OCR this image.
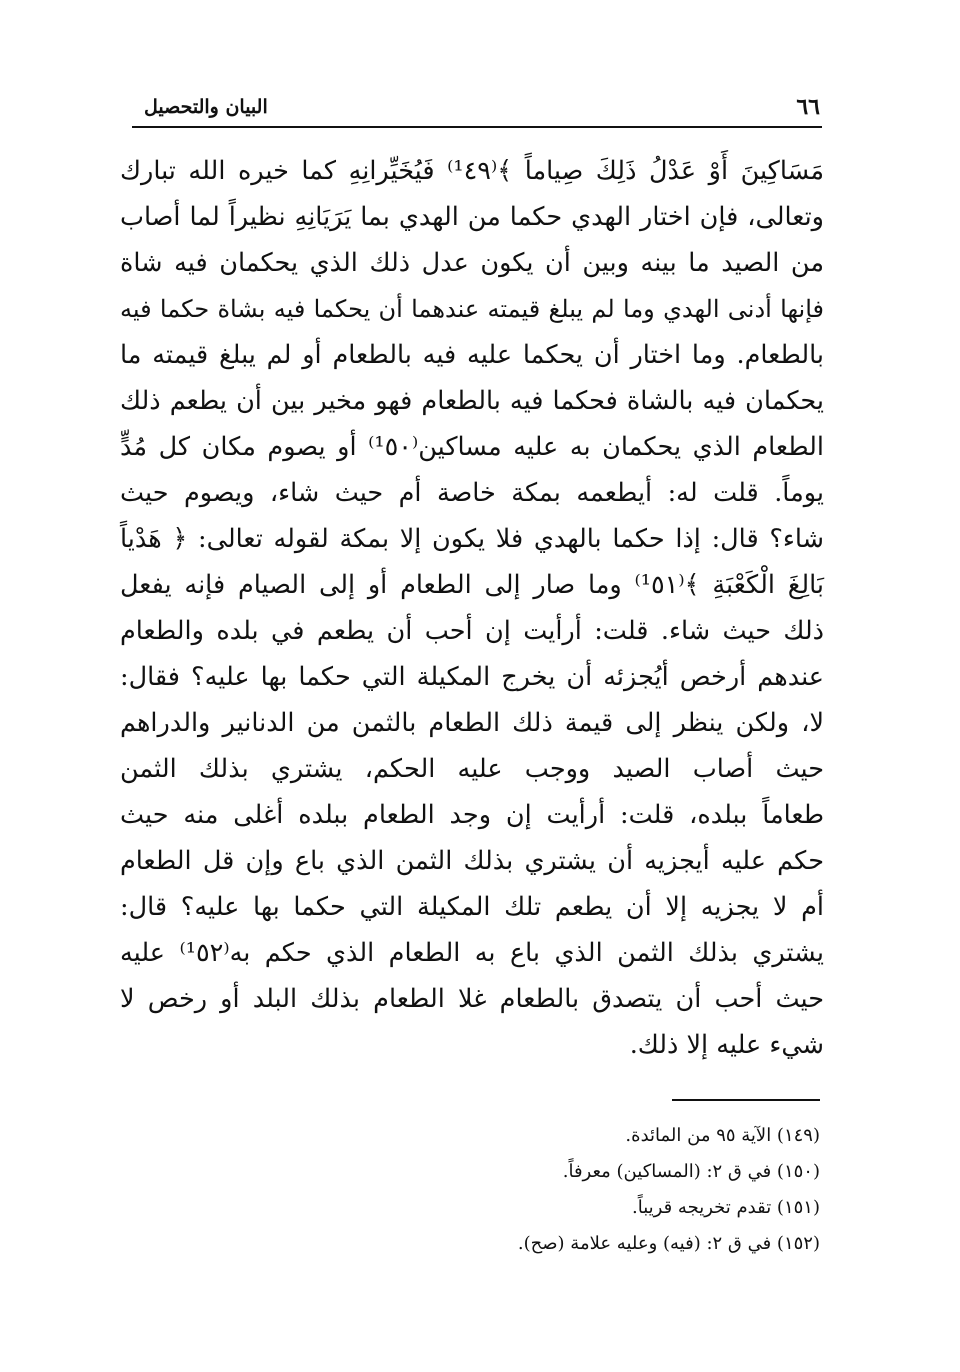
٦٦
البيان والتحصيل
مَسَاكِينَ أَوْ عَدْلُ ذَلِكَ صِياماً ﴾⁽¹٤٩⁾ فَيُخَيِّرانِهِ كما خيره الله تبارك
وتعالى، فإن اختار الهدي حكما من الهدي بما يَرَيَانِهِ نظيراً لما أصاب
من الصيد ما بينه وبين أن يكون عدل ذلك الذي يحكمان فيه شاة
فإنها أدنى الهدي وما لم يبلغ قيمته عندهما أن يحكما فيه بشاة حكما فيه
بالطعام. وما اختار أن يحكما عليه فيه بالطعام أو لم يبلغ قيمته ما
يحكمان فيه بالشاة فحكما فيه بالطعام فهو مخير بين أن يطعم ذلك
الطعام الذي يحكمان به عليه مساكين⁽¹٥٠⁾ أو يصوم مكان كل مُدٍّ
يوماً. قلت له: أيطعمه بمكة خاصة أم حيث شاء، ويصوم حيث
شاء؟ قال: إذا حكما بالهدي فلا يكون إلا بمكة لقوله تعالى: ﴿ هَدْياً
بَالِغَ الْكَعْبَةِ ﴾⁽¹٥١⁾ وما صار إلى الطعام أو إلى الصيام فإنه يفعل
ذلك حيث شاء. قلت: أرأيت إن أحب أن يطعم في بلده والطعام
عندهم أرخص أيُجزئه أن يخرج المكيلة التي حكما بها عليه؟ فقال:
لا، ولكن ينظر إلى قيمة ذلك الطعام بالثمن من الدنانير والدراهم
حيث أصاب الصيد ووجب عليه الحكم، يشتري بذلك الثمن
طعاماً ببلده، قلت: أرأيت إن وجد الطعام ببلده أغلى منه حيث
حكم عليه أيجزيه أن يشتري بذلك الثمن الذي باع وإن قل الطعام
أم لا يجزيه إلا أن يطعم تلك المكيلة التي حكما بها عليه؟ قال:
يشتري بذلك الثمن الذي باع به الطعام الذي حكم به⁽¹٥٢⁾ عليه
حيث أحب أن يتصدق بالطعام غلا الطعام بذلك البلد أو رخص لا
شيء عليه إلا ذلك.
(١٤٩) الآية ٩٥ من المائدة.
(١٥٠) في ق ٢: (المساكين) معرفاً.
(١٥١) تقدم تخريجه قريباً.
(١٥٢) في ق ٢: (فيه) وعليه علامة (صح).
